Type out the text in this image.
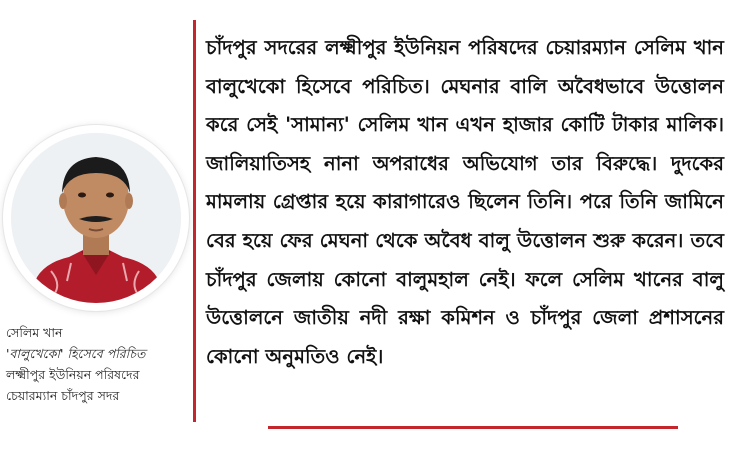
সেলিম খান
'বালুখেকো' হিসেবে পরিচিত
লক্ষ্মীপুর ইউনিয়ন পরিষদের
চেয়ারম্যান চাঁদপুর সদর

চাঁদপুর সদরের লক্ষ্মীপুর ইউনিয়ন পরিষদের চেয়ারম্যান সেলিম খান বালুখেকো হিসেবে পরিচিত। মেঘনার বালি অবৈধভাবে উত্তোলন করে সেই 'সামান্য' সেলিম খান এখন হাজার কোটি টাকার মালিক। জালিয়াতিসহ নানা অপরাধের অভিযোগ তার বিরুদ্ধে। দুদকের মামলায় গ্রেপ্তার হয়ে কারাগারেও ছিলেন তিনি। পরে তিনি জামিনে বের হয়ে ফের মেঘনা থেকে অবৈধ বালু উত্তোলন শুরু করেন। তবে চাঁদপুর জেলায় কোনো বালুমহাল নেই। ফলে সেলিম খানের বালু উত্তোলনে জাতীয় নদী রক্ষা কমিশন ও চাঁদপুর জেলা প্রশাসনের কোনো অনুমতিও নেই।
